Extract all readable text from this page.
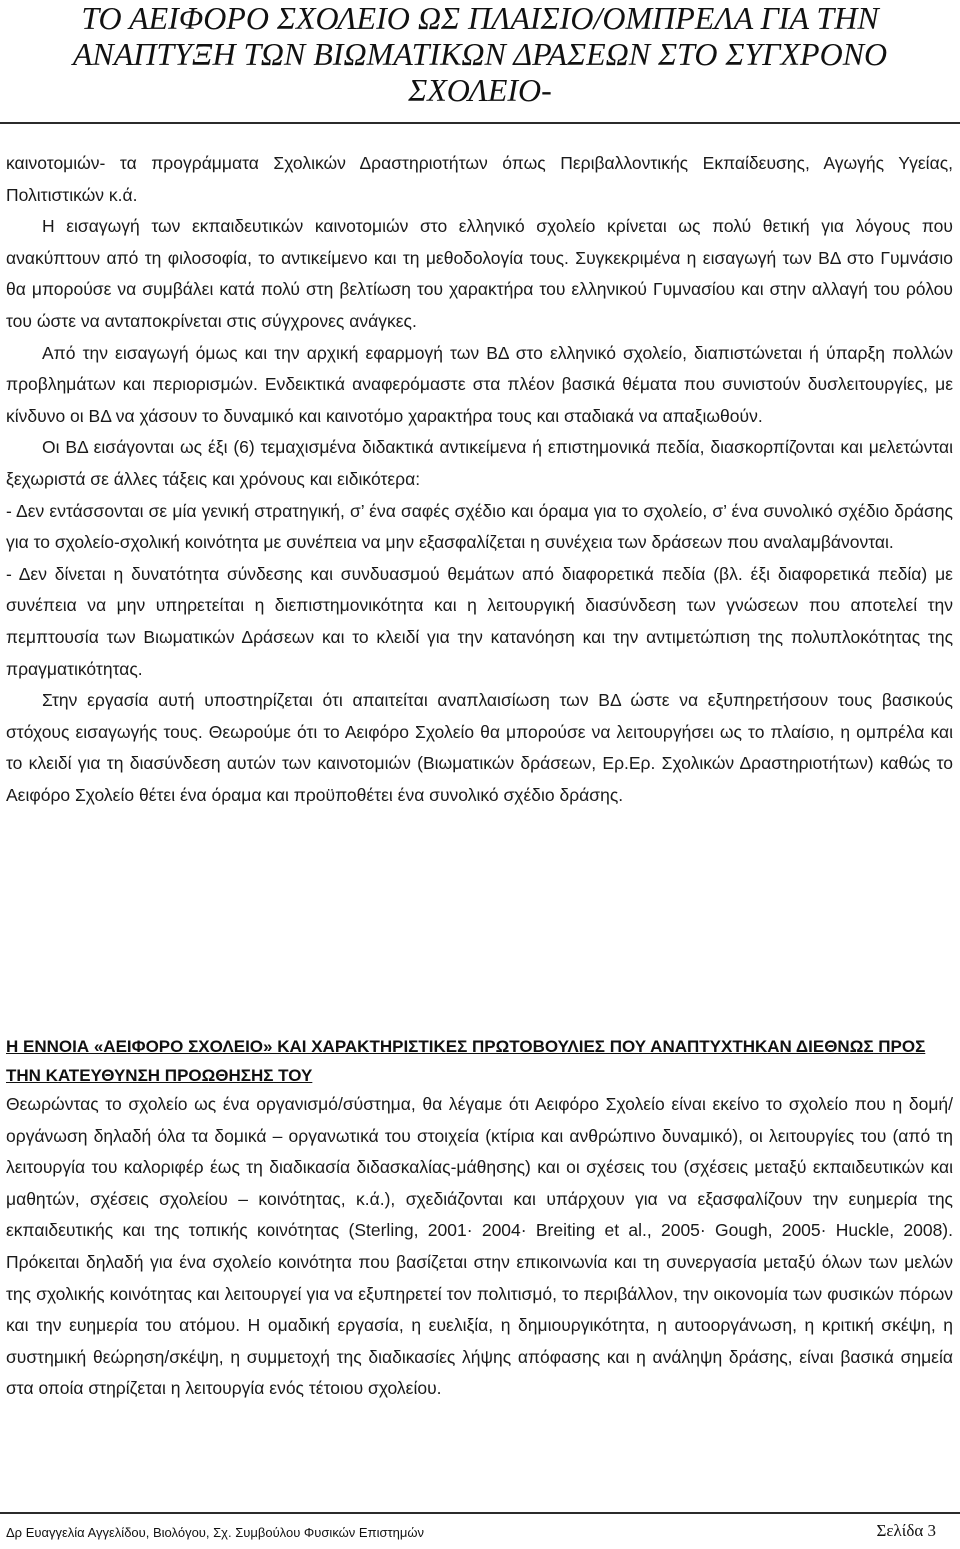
ΤΟ ΑΕΙΦΟΡΟ ΣΧΟΛΕΙΟ ΩΣ ΠΛΑΙΣΙΟ/ΟΜΠΡΕΛΑ ΓΙΑ ΤΗΝ
ΑΝΑΠΤΥΞΗ ΤΩΝ ΒΙΩΜΑΤΙΚΩΝ ΔΡΑΣΕΩΝ ΣΤΟ ΣΥΓΧΡΟΝΟ
ΣΧΟΛΕΙΟ-

καινοτομιών- τα προγράμματα Σχολικών Δραστηριοτήτων όπως Περιβαλλοντικής Εκπαίδευσης, Αγωγής Υγείας, Πολιτιστικών κ.ά.

Η εισαγωγή των εκπαιδευτικών καινοτομιών στο ελληνικό σχολείο κρίνεται ως πολύ θετική για λόγους που ανακύπτουν από τη φιλοσοφία, το αντικείμενο και τη μεθοδολογία τους. Συγκεκριμένα η εισαγωγή των ΒΔ στο Γυμνάσιο θα μπορούσε να συμβάλει κατά πολύ στη βελτίωση του χαρακτήρα του ελληνικού Γυμνασίου και στην αλλαγή του ρόλου του ώστε να ανταποκρίνεται στις σύγχρονες ανάγκες.

Από την εισαγωγή όμως και την αρχική εφαρμογή των ΒΔ στο ελληνικό σχολείο, διαπιστώνεται ή ύπαρξη πολλών προβλημάτων και περιορισμών. Ενδεικτικά αναφερόμαστε στα πλέον βασικά θέματα που συνιστούν δυσλειτουργίες, με κίνδυνο οι ΒΔ να χάσουν το δυναμικό και καινοτόμο χαρακτήρα τους και σταδιακά να απαξιωθούν.

Οι ΒΔ εισάγονται ως έξι (6) τεμαχισμένα διδακτικά αντικείμενα ή επιστημονικά πεδία, διασκορπίζονται και μελετώνται ξεχωριστά σε άλλες τάξεις και χρόνους και ειδικότερα:

- Δεν εντάσσονται σε μία γενική στρατηγική, σ’ ένα σαφές σχέδιο και όραμα για το σχολείο, σ’ ένα συνολικό σχέδιο δράσης για το σχολείο-σχολική κοινότητα με συνέπεια να μην εξασφαλίζεται η συνέχεια των δράσεων που αναλαμβάνονται.

- Δεν δίνεται η δυνατότητα σύνδεσης και συνδυασμού θεμάτων από διαφορετικά πεδία (βλ. έξι διαφορετικά πεδία) με συνέπεια να μην υπηρετείται η διεπιστημονικότητα και η λειτουργική διασύνδεση των γνώσεων που αποτελεί την πεμπτουσία των Βιωματικών Δράσεων και το κλειδί για την κατανόηση και την αντιμετώπιση της πολυπλοκότητας της πραγματικότητας.

Στην εργασία αυτή υποστηρίζεται ότι απαιτείται αναπλαισίωση των ΒΔ ώστε να εξυπηρετήσουν τους βασικούς στόχους εισαγωγής τους. Θεωρούμε ότι το Αειφόρο Σχολείο θα μπορούσε να λειτουργήσει ως το πλαίσιο, η ομπρέλα και το κλειδί για τη διασύνδεση αυτών των καινοτομιών (Βιωματικών δράσεων, Ερ.Ερ. Σχολικών Δραστηριοτήτων) καθώς το Αειφόρο Σχολείο θέτει ένα όραμα και προϋποθέτει ένα συνολικό σχέδιο δράσης.

Η ΕΝΝΟΙΑ «ΑΕΙΦΟΡΟ ΣΧΟΛΕΙΟ» ΚΑΙ ΧΑΡΑΚΤΗΡΙΣΤΙΚΕΣ ΠΡΩΤΟΒΟΥΛΙΕΣ ΠΟΥ ΑΝΑΠΤΥΧΤΗΚΑΝ ΔΙΕΘΝΩΣ ΠΡΟΣ ΤΗΝ ΚΑΤΕΥΘΥΝΣΗ ΠΡΟΩΘΗΣΗΣ ΤΟΥ

Θεωρώντας το σχολείο ως ένα οργανισμό/σύστημα, θα λέγαμε ότι Αειφόρο Σχολείο είναι εκείνο το σχολείο που η δομή/οργάνωση δηλαδή όλα τα δομικά – οργανωτικά του στοιχεία (κτίρια και ανθρώπινο δυναμικό), οι λειτουργίες του (από τη λειτουργία του καλοριφέρ έως τη διαδικασία διδασκαλίας-μάθησης) και οι σχέσεις του (σχέσεις μεταξύ εκπαιδευτικών και μαθητών, σχέσεις σχολείου – κοινότητας, κ.ά.), σχεδιάζονται και υπάρχουν για να εξασφαλίζουν την ευημερία της εκπαιδευτικής και της τοπικής κοινότητας (Sterling, 2001· 2004· Breiting et al., 2005· Gough, 2005· Huckle, 2008). Πρόκειται δηλαδή για ένα σχολείο κοινότητα που βασίζεται στην επικοινωνία και τη συνεργασία μεταξύ όλων των μελών της σχολικής κοινότητας και λειτουργεί για να εξυπηρετεί τον πολιτισμό, το περιβάλλον, την οικονομία των φυσικών πόρων και την ευημερία του ατόμου. Η ομαδική εργασία, η ευελιξία, η δημιουργικότητα, η αυτοοργάνωση, η κριτική σκέψη, η συστημική θεώρηση/σκέψη, η συμμετοχή της διαδικασίες λήψης απόφασης και η ανάληψη δράσης, είναι βασικά σημεία στα οποία στηρίζεται η λειτουργία ενός τέτοιου σχολείου.

Δρ Ευαγγελία Αγγελίδου, Βιολόγου, Σχ. Συμβούλου Φυσικών Επιστημών	Σελίδα 3
